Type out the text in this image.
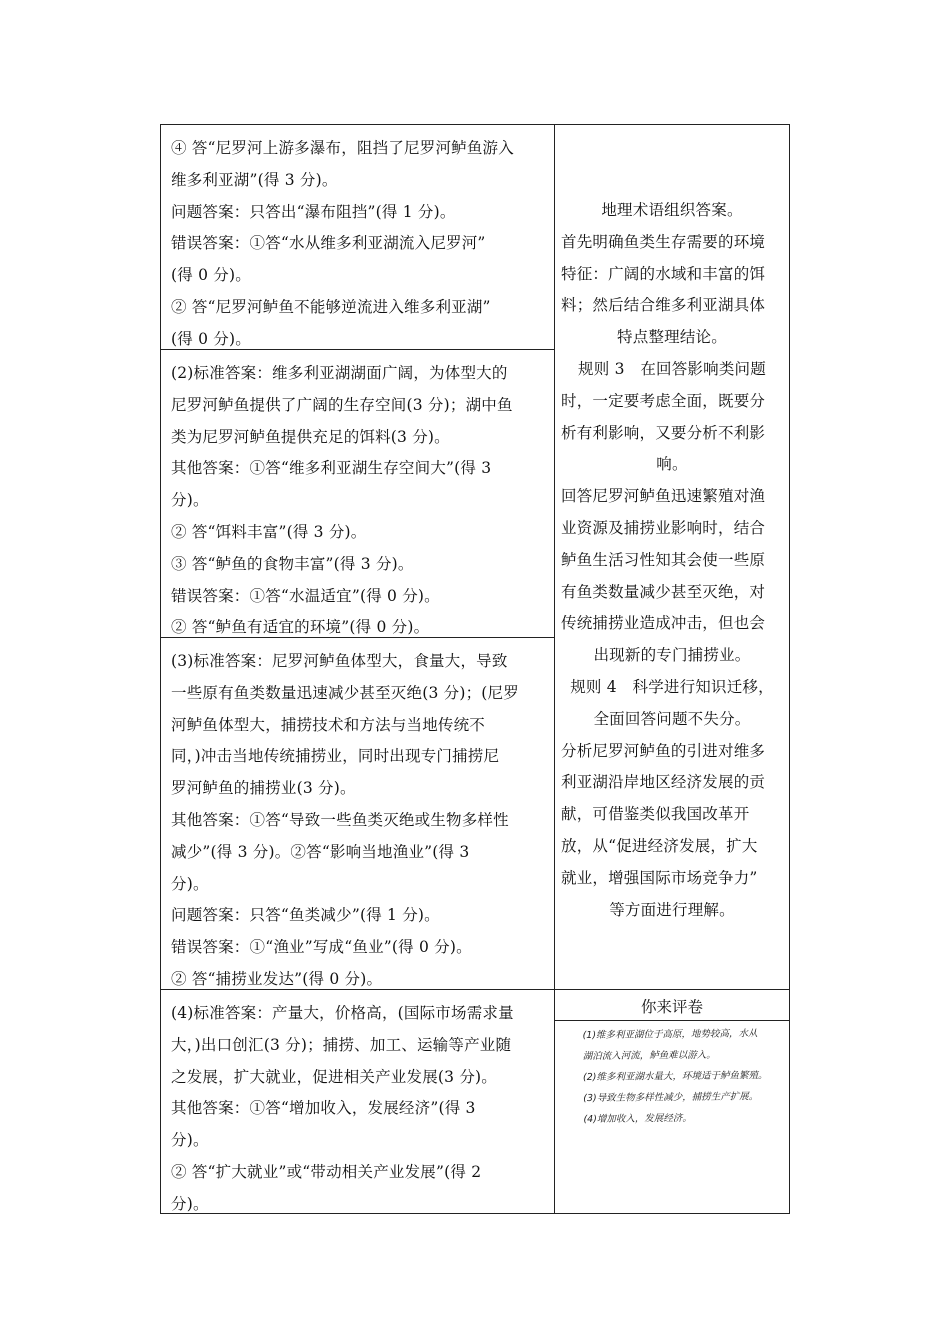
④ 答“尼罗河上游多瀑布，阻挡了尼罗河鲈鱼游入

维多利亚湖”(得 3 分)。

问题答案：只答出“瀑布阻挡”(得 1 分)。

错误答案：①答“水从维多利亚湖流入尼罗河”

(得 0 分)。

② 答“尼罗河鲈鱼不能够逆流进入维多利亚湖”

(得 0 分)。

(2)标准答案：维多利亚湖湖面广阔，为体型大的

尼罗河鲈鱼提供了广阔的生存空间(3 分)；湖中鱼

类为尼罗河鲈鱼提供充足的饵料(3 分)。

其他答案：①答“维多利亚湖生存空间大”(得 3

分)。

② 答“饵料丰富”(得 3 分)。

③ 答“鲈鱼的食物丰富”(得 3 分)。

错误答案：①答“水温适宜”(得 0 分)。

② 答“鲈鱼有适宜的环境”(得 0 分)。

(3)标准答案：尼罗河鲈鱼体型大，食量大，导致

一些原有鱼类数量迅速减少甚至灭绝(3 分)；(尼罗

河鲈鱼体型大，捕捞技术和方法与当地传统不

同，)冲击当地传统捕捞业，同时出现专门捕捞尼

罗河鲈鱼的捕捞业(3 分)。

其他答案：①答“导致一些鱼类灭绝或生物多样性

减少”(得 3 分)。②答“影响当地渔业”(得 3

分)。

问题答案：只答“鱼类减少”(得 1 分)。

错误答案：①“渔业”写成“鱼业”(得 0 分)。

② 答“捕捞业发达”(得 0 分)。

(4)标准答案：产量大，价格高，(国际市场需求量

大，)出口创汇(3 分)；捕捞、加工、运输等产业随

之发展，扩大就业，促进相关产业发展(3 分)。

其他答案：①答“增加收入，发展经济”(得 3

分)。

② 答“扩大就业”或“带动相关产业发展”(得 2

分)。

地理术语组织答案。

首先明确鱼类生存需要的环境

特征：广阔的水域和丰富的饵

料；然后结合维多利亚湖具体

特点整理结论。

规则 3　在回答影响类问题

时，一定要考虑全面，既要分

析有利影响，又要分析不利影

响。

回答尼罗河鲈鱼迅速繁殖对渔

业资源及捕捞业影响时，结合

鲈鱼生活习性知其会使一些原

有鱼类数量减少甚至灭绝，对

传统捕捞业造成冲击，但也会

出现新的专门捕捞业。

规则 4　科学进行知识迁移，

全面回答问题不失分。

分析尼罗河鲈鱼的引进对维多

利亚湖沿岸地区经济发展的贡

献，可借鉴类似我国改革开

放，从“促进经济发展，扩大

就业，增强国际市场竞争力”

等方面进行理解。

你来评卷
(1)维多利亚湖位于高原，地势较高，水从
湖泊流入河流，鲈鱼难以游入。
(2)维多利亚湖水量大，环境适于鲈鱼繁殖。
(3)导致生物多样性减少，捕捞生产扩展。
(4)增加收入，发展经济。
